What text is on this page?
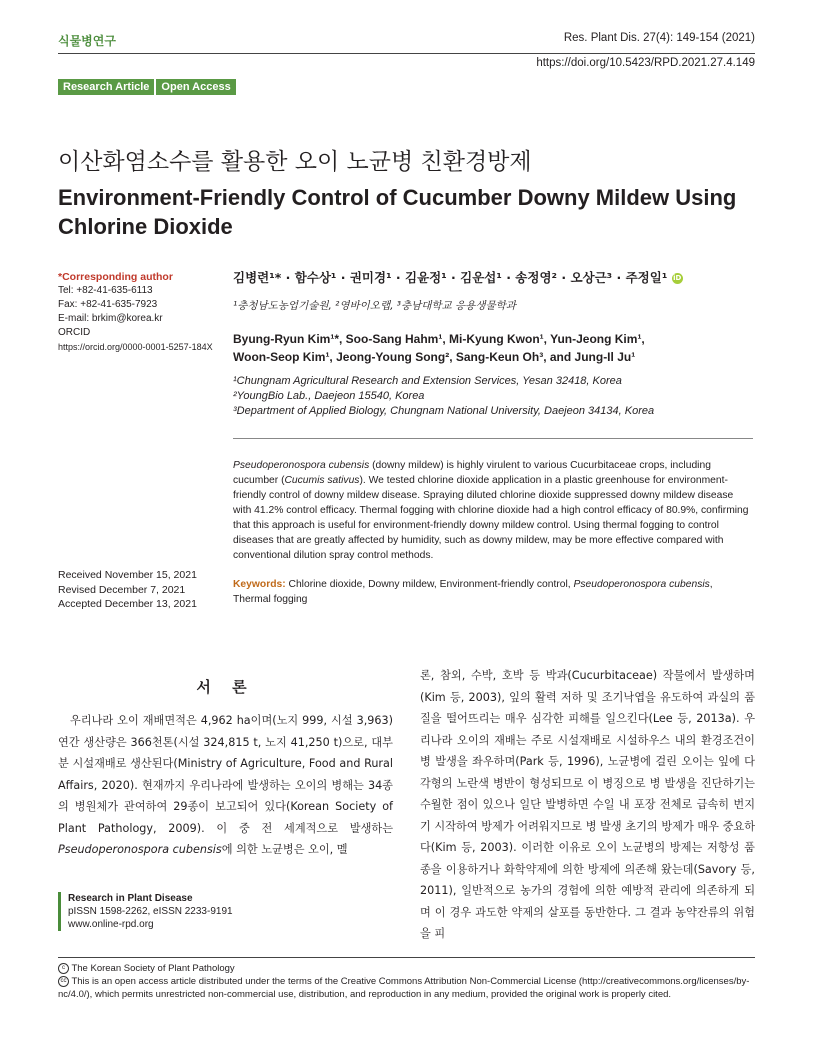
식물병연구	Res. Plant Dis. 27(4): 149-154 (2021)
https://doi.org/10.5423/RPD.2021.27.4.149
Research Article	Open Access
이산화염소수를 활용한 오이 노균병 친환경방제
Environment-Friendly Control of Cucumber Downy Mildew Using Chlorine Dioxide
*Corresponding author
Tel: +82-41-635-6113
Fax: +82-41-635-7923
E-mail: brkim@korea.kr
ORCID
https://orcid.org/0000-0001-5257-184X
김병련¹* · 함수상¹ · 권미경¹ · 김윤정¹ · 김운섭¹ · 송정영² · 오상근³ · 주정일¹ iD
¹충청남도농업기술원, ²영바이오랩, ³충남대학교 응용생물학과
Byung-Ryun Kim¹*, Soo-Sang Hahm¹, Mi-Kyung Kwon¹, Yun-Jeong Kim¹,
Woon-Seop Kim¹, Jeong-Young Song², Sang-Keun Oh³, and Jung-Il Ju¹
¹Chungnam Agricultural Research and Extension Services, Yesan 32418, Korea
²YoungBio Lab., Daejeon 15540, Korea
³Department of Applied Biology, Chungnam National University, Daejeon 34134, Korea
Pseudoperonospora cubensis (downy mildew) is highly virulent to various Cucurbitaceae crops, including cucumber (Cucumis sativus). We tested chlorine dioxide application in a plastic greenhouse for environment-friendly control of downy mildew disease. Spraying diluted chlorine dioxide suppressed downy mildew disease with 41.2% control efficacy. Thermal fogging with chlorine dioxide had a high control efficacy of 80.9%, confirming that this approach is useful for environment-friendly downy mildew control. Using thermal fogging to control diseases that are greatly affected by humidity, such as downy mildew, may be more effective compared with conventional dilution spray control methods.
Keywords: Chlorine dioxide, Downy mildew, Environment-friendly control, Pseudoperonospora cubensis, Thermal fogging
Received November 15, 2021
Revised December 7, 2021
Accepted December 13, 2021
서 론
우리나라 오이 재배면적은 4,962 ha이며(노지 999, 시설 3,963) 연간 생산량은 366천톤(시설 324,815 t, 노지 41,250 t)으로, 대부분 시설재배로 생산된다(Ministry of Agriculture, Food and Rural Affairs, 2020). 현재까지 우리나라에 발생하는 오이의 병해는 34종의 병원체가 관여하여 29종이 보고되어 있다(Korean Society of Plant Pathology, 2009). 이 중 전 세계적으로 발생하는 Pseudoperonospora cubensis에 의한 노균병은 오이, 멜
론, 참외, 수박, 호박 등 박과(Cucurbitaceae) 작물에서 발생하며(Kim 등, 2003), 잎의 활력 저하 및 조기낙엽을 유도하여 과실의 품질을 떨어뜨리는 매우 심각한 피해를 일으킨다(Lee 등, 2013a). 우리나라 오이의 재배는 주로 시설재배로 시설하우스 내의 환경조건이 병 발생을 좌우하며(Park 등, 1996), 노균병에 걸린 오이는 잎에 다각형의 노란색 병반이 형성되므로 이 병징으로 병 발생을 진단하기는 수월한 점이 있으나 일단 발병하면 수일 내 포장 전체로 급속히 번지기 시작하여 방제가 어려워지므로 병 발생 초기의 방제가 매우 중요하다(Kim 등, 2003). 이러한 이유로 오이 노균병의 방제는 저항성 품종을 이용하거나 화학약제에 의한 방제에 의존해 왔는데(Savory 등, 2011), 일반적으로 농가의 경험에 의한 예방적 관리에 의존하게 되며 이 경우 과도한 약제의 살포를 동반한다. 그 결과 농약잔류의 위험을 피
Research in Plant Disease
pISSN 1598-2262, eISSN 2233-9191
www.online-rpd.org
c The Korean Society of Plant Pathology
cc This is an open access article distributed under the terms of the Creative Commons Attribution Non-Commercial License (http://creativecommons.org/licenses/by-nc/4.0/), which permits unrestricted non-commercial use, distribution, and reproduction in any medium, provided the original work is properly cited.
